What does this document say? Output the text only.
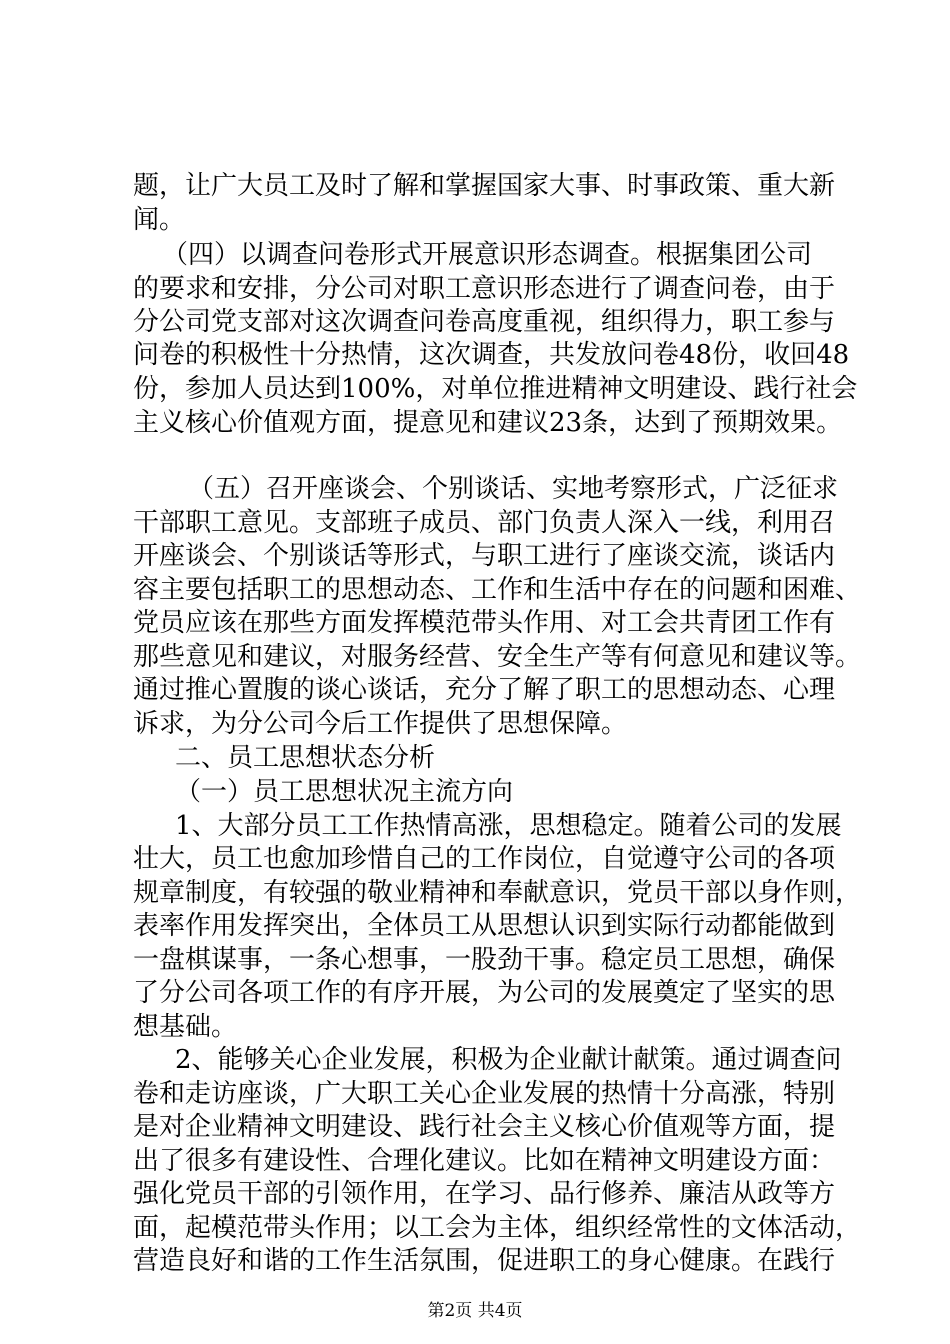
题，让广大员工及时了解和掌握国家大事、时事政策、重大新
闻。
（四）以调查问卷形式开展意识形态调查。根据集团公司
的要求和安排，分公司对职工意识形态进行了调查问卷，由于
分公司党支部对这次调查问卷高度重视，组织得力，职工参与
问卷的积极性十分热情，这次调查，共发放问卷48份，收回48
份，参加人员达到100%，对单位推进精神文明建设、践行社会
主义核心价值观方面，提意见和建议23条，达到了预期效果。
（五）召开座谈会、个别谈话、实地考察形式，广泛征求
干部职工意见。支部班子成员、部门负责人深入一线，利用召
开座谈会、个别谈话等形式，与职工进行了座谈交流，谈话内
容主要包括职工的思想动态、工作和生活中存在的问题和困难、
党员应该在那些方面发挥模范带头作用、对工会共青团工作有
那些意见和建议，对服务经营、安全生产等有何意见和建议等。
通过推心置腹的谈心谈话，充分了解了职工的思想动态、心理
诉求，为分公司今后工作提供了思想保障。
二、员工思想状态分析
（一）员工思想状况主流方向
1、大部分员工工作热情高涨，思想稳定。随着公司的发展
壮大，员工也愈加珍惜自己的工作岗位，自觉遵守公司的各项
规章制度，有较强的敬业精神和奉献意识，党员干部以身作则，
表率作用发挥突出，全体员工从思想认识到实际行动都能做到
一盘棋谋事，一条心想事，一股劲干事。稳定员工思想，确保
了分公司各项工作的有序开展，为公司的发展奠定了坚实的思
想基础。
2、能够关心企业发展，积极为企业献计献策。通过调查问
卷和走访座谈，广大职工关心企业发展的热情十分高涨，特别
是对企业精神文明建设、践行社会主义核心价值观等方面，提
出了很多有建设性、合理化建议。比如在精神文明建设方面：
强化党员干部的引领作用，在学习、品行修养、廉洁从政等方
面，起模范带头作用；以工会为主体，组织经常性的文体活动，
营造良好和谐的工作生活氛围，促进职工的身心健康。在践行
第2页 共4页
